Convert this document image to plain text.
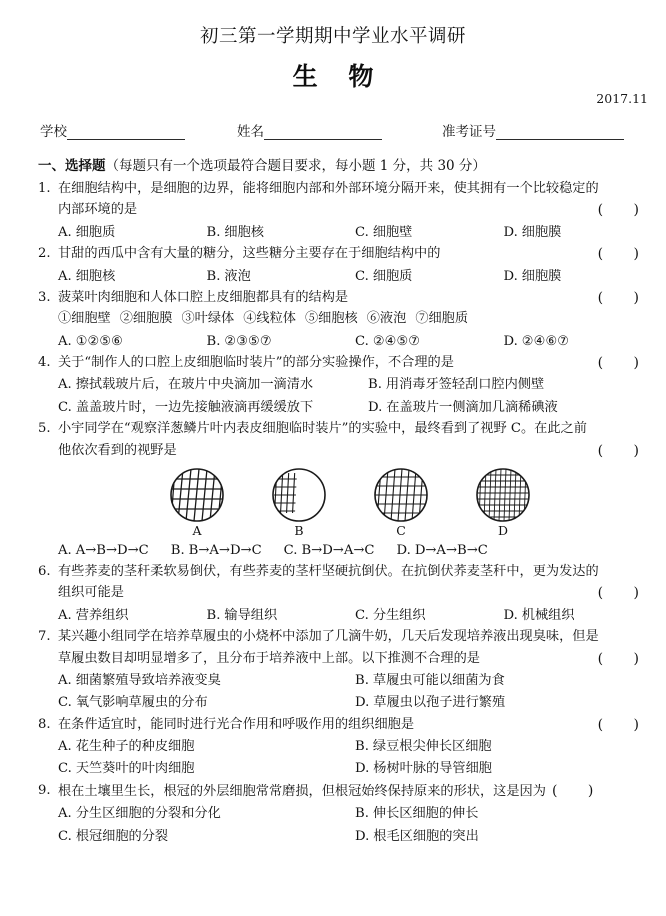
初三第一学期期中学业水平调研
生 物
2017.11
学校	姓名	准考证号
一、选择题（每题只有一个选项最符合题目要求，每小题 1 分，共 30 分）
1. 在细胞结构中，是细胞的边界，能将细胞内部和外部环境分隔开来，使其拥有一个比较稳定的
内部环境的是	( )
A. 细胞质	B. 细胞核	C. 细胞壁	D. 细胞膜
2. 甘甜的西瓜中含有大量的糖分，这些糖分主要存在于细胞结构中的	( )
A. 细胞核	B. 液泡	C. 细胞质	D. 细胞膜
3. 菠菜叶肉细胞和人体口腔上皮细胞都具有的结构是	( )
①细胞壁 ②细胞膜 ③叶绿体 ④线粒体 ⑤细胞核 ⑥液泡 ⑦细胞质
A. ①②⑤⑥	B. ②③⑤⑦	C. ②④⑤⑦	D. ②④⑥⑦
4. 关于“制作人的口腔上皮细胞临时装片”的部分实验操作，不合理的是	( )
A. 擦拭载玻片后，在玻片中央滴加一滴清水	B. 用消毒牙签轻刮口腔内侧壁
C. 盖盖玻片时，一边先接触液滴再缓缓放下	D. 在盖玻片一侧滴加几滴稀碘液
5. 小宇同学在“观察洋葱鳞片叶内表皮细胞临时装片”的实验中，最终看到了视野 C。在此之前
他依次看到的视野是	( )
A	B	C	D
A. A→B→D→C B. B→A→D→C C. B→D→A→C D. D→A→B→C
6. 有些荞麦的茎秆柔软易倒伏，有些荞麦的茎杆坚硬抗倒伏。在抗倒伏荞麦茎秆中，更为发达的
组织可能是	( )
A. 营养组织	B. 输导组织	C. 分生组织	D. 机械组织
7. 某兴趣小组同学在培养草履虫的小烧杯中添加了几滴牛奶，几天后发现培养液出现臭味，但是
草履虫数目却明显增多了，且分布于培养液中上部。以下推测不合理的是	( )
A. 细菌繁殖导致培养液变臭	B. 草履虫可能以细菌为食
C. 氧气影响草履虫的分布	D. 草履虫以孢子进行繁殖
8. 在条件适宜时，能同时进行光合作用和呼吸作用的组织细胞是	( )
A. 花生种子的种皮细胞	B. 绿豆根尖伸长区细胞
C. 天竺葵叶的叶肉细胞	D. 杨树叶脉的导管细胞
9. 根在土壤里生长，根冠的外层细胞常常磨损，但根冠始终保持原来的形状，这是因为 ( )
A. 分生区细胞的分裂和分化	B. 伸长区细胞的伸长
C. 根冠细胞的分裂	D. 根毛区细胞的突出
